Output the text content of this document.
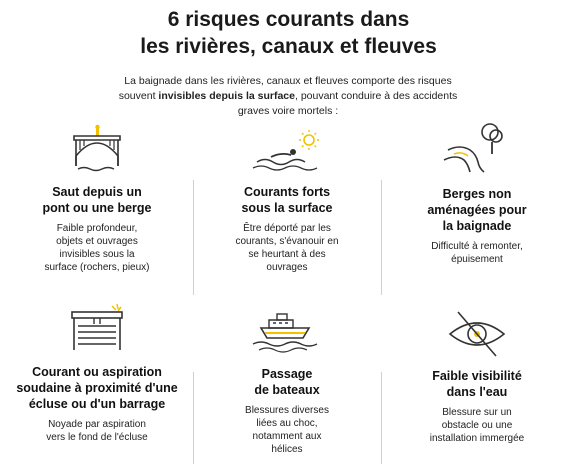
6 risques courants dans
les rivières, canaux et fleuves
La baignade dans les rivières, canaux et fleuves comporte des risques souvent invisibles depuis la surface, pouvant conduire à des accidents graves voire mortels :
Saut depuis un
pont ou une berge

Faible profondeur,
objets et ouvrages
invisibles sous la
surface (rochers, pieux)

Courants forts
sous la surface

Être déporté par les
courants, s'évanouir en
se heurtant à des
ouvrages

Berges non
aménagées pour
la baignade

Difficulté à remonter,
épuisement

Courant ou aspiration
soudaine à proximité d'une
écluse ou d'un barrage

Noyade par aspiration
vers le fond de l'écluse

Passage
de bateaux

Blessures diverses
liées au choc,
notamment aux
hélices

Faible visibilité
dans l'eau

Blessure sur un
obstacle ou une
installation immergée
